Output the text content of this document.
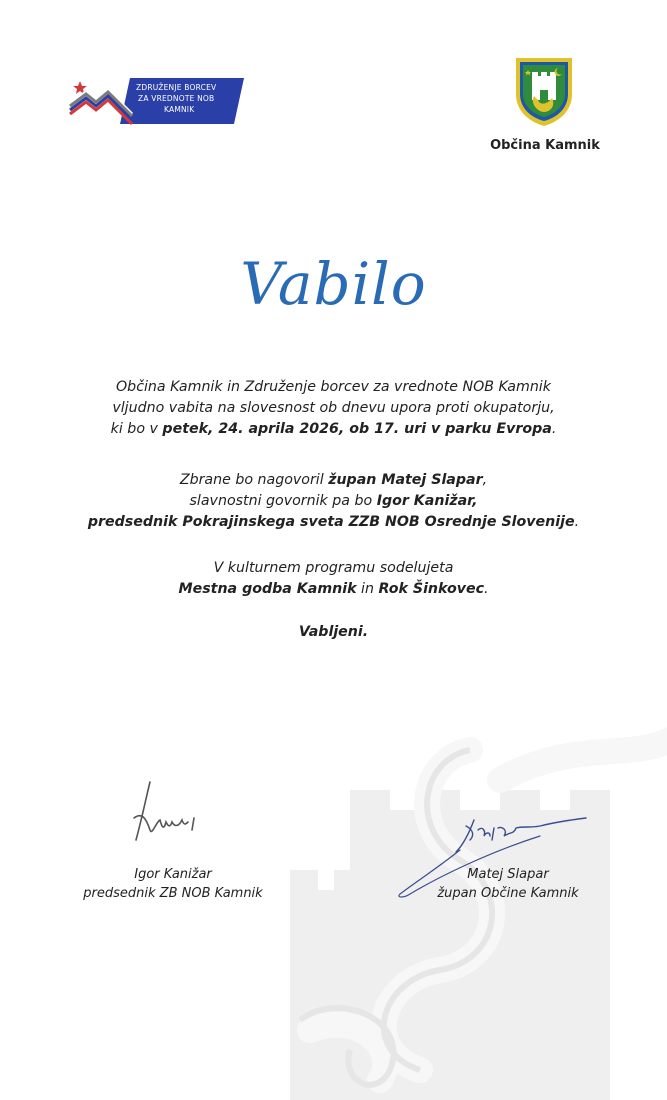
ZDRUŽENJE BORCEV
ZA VREDNOTE NOB
KAMNIK
Občina Kamnik
Vabilo
Občina Kamnik in Združenje borcev za vrednote NOB Kamnik
vljudno vabita na slovesnost ob dnevu upora proti okupatorju,
ki bo v petek, 24. aprila 2026, ob 17. uri v parku Evropa.
Zbrane bo nagovoril župan Matej Slapar,
slavnostni govornik pa bo Igor Kanižar,
predsednik Pokrajinskega sveta ZZB NOB Osrednje Slovenije.
V kulturnem programu sodelujeta
Mestna godba Kamnik in Rok Šinkovec.
Vabljeni.
Igor Kanižar
predsednik ZB NOB Kamnik
Matej Slapar
župan Občine Kamnik
